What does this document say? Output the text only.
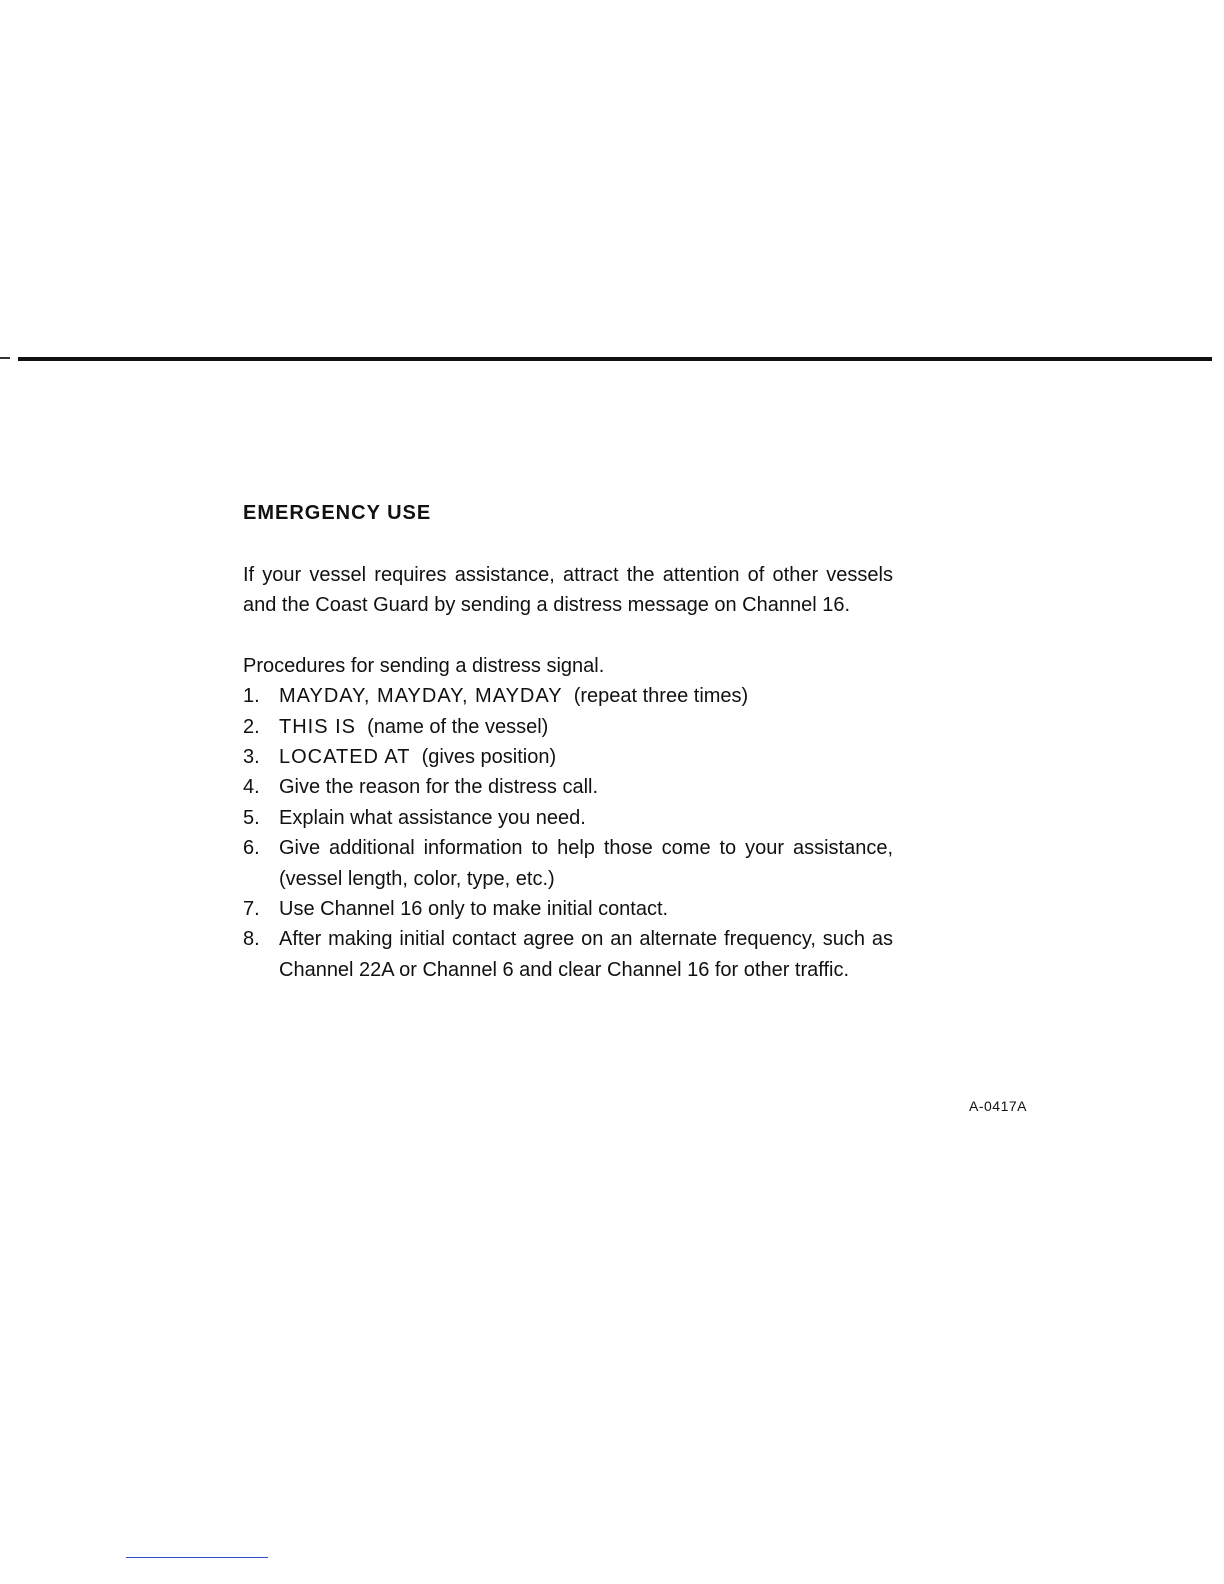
EMERGENCY USE
If your vessel requires assistance, attract the attention of other vessels and the Coast Guard by sending a distress message on Channel 16.
Procedures for sending a distress signal.
1. MAYDAY, MAYDAY, MAYDAY (repeat three times)
2. THIS IS (name of the vessel)
3. LOCATED AT (gives position)
4. Give the reason for the distress call.
5. Explain what assistance you need.
6. Give additional information to help those come to your assistance, (vessel length, color, type, etc.)
7. Use Channel 16 only to make initial contact.
8. After making initial contact agree on an alternate frequency, such as Channel 22A or Channel 6 and clear Channel 16 for other traffic.
A-0417A
